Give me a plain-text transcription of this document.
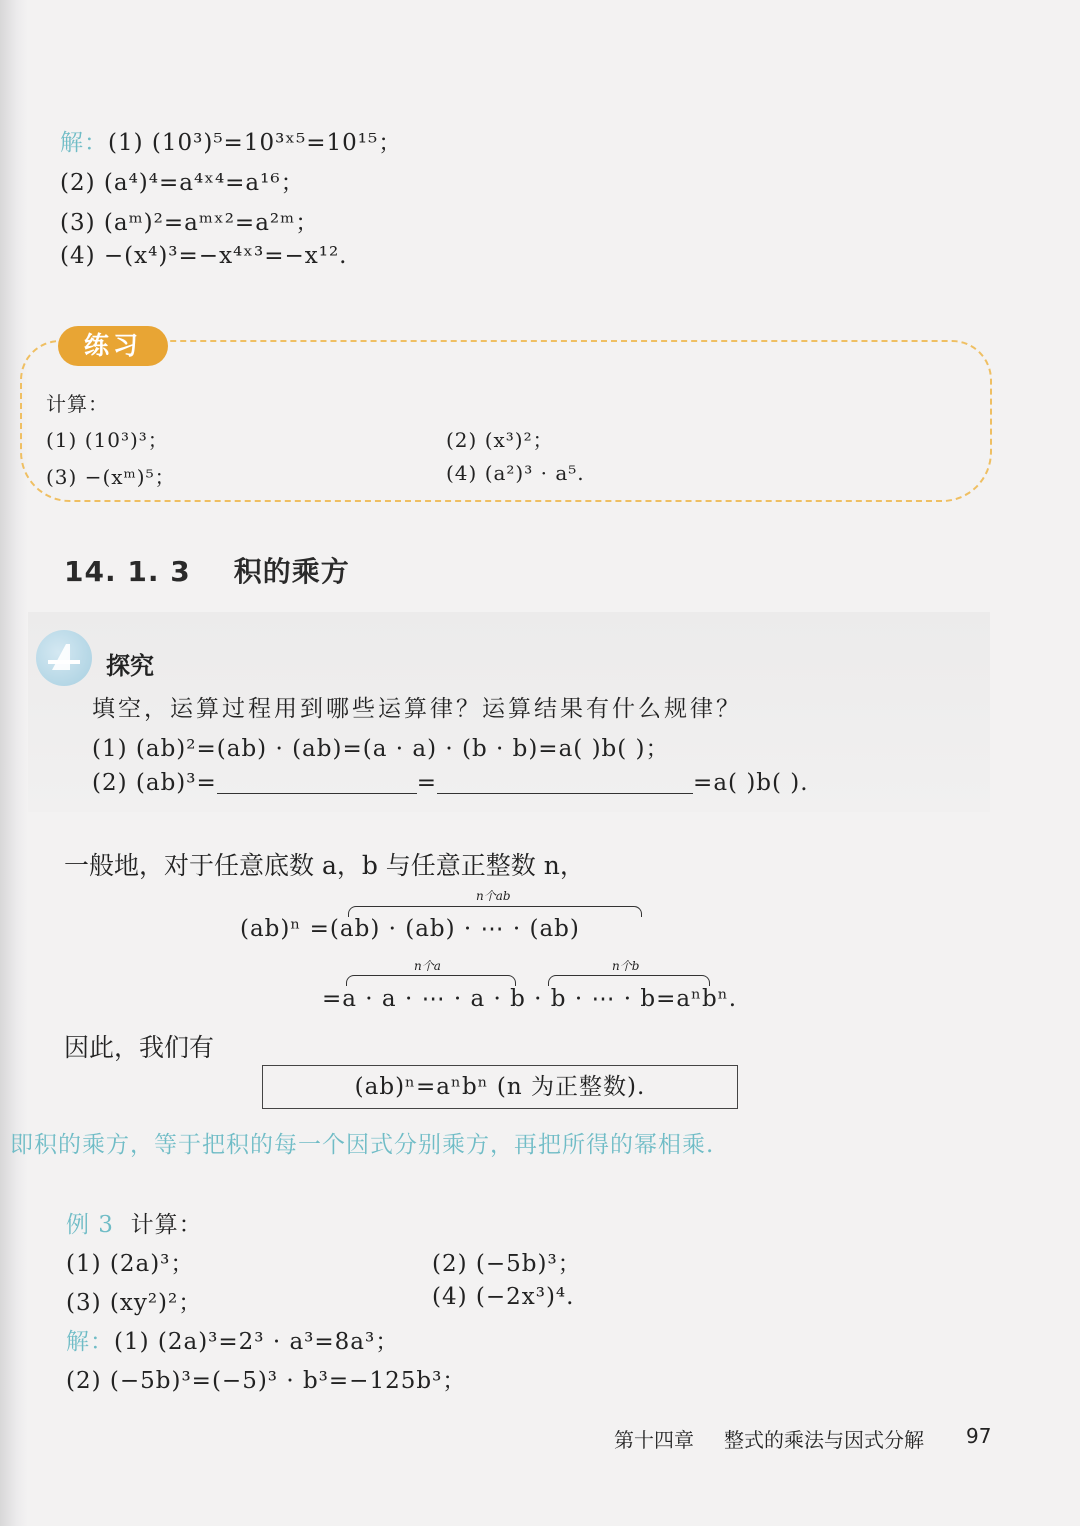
解：(1) (10³)⁵=10³ˣ⁵=10¹⁵；
(2) (a⁴)⁴=a⁴ˣ⁴=a¹⁶；
(3) (aᵐ)²=aᵐˣ²=a²ᵐ；
(4) −(x⁴)³=−x⁴ˣ³=−x¹².
练习
计算：
(1) (10³)³；	(2) (x³)²；
(3) −(xᵐ)⁵；	(4) (a²)³ · a⁵.
14. 1. 3 积的乘方
探究
填空，运算过程用到哪些运算律？运算结果有什么规律？
(1) (ab)²=(ab) · (ab)=(a · a) · (b · b)=a( )b( )；
(2) (ab)³=	=	=a( )b( ).
一般地，对于任意底数 a，b 与任意正整数 n，
n个ab
(ab)ⁿ =(ab) · (ab) · ⋯ · (ab)
n个a	n个b
=a · a · ⋯ · a · b · b · ⋯ · b=aⁿbⁿ.
因此，我们有
(ab)ⁿ=aⁿbⁿ (n 为正整数).
即积的乘方，等于把积的每一个因式分别乘方，再把所得的幂相乘.
例 3 计算：
(1) (2a)³；	(2) (−5b)³；
(3) (xy²)²；	(4) (−2x³)⁴.
解：(1) (2a)³=2³ · a³=8a³；
(2) (−5b)³=(−5)³ · b³=−125b³；
第十四章 整式的乘法与因式分解 97
